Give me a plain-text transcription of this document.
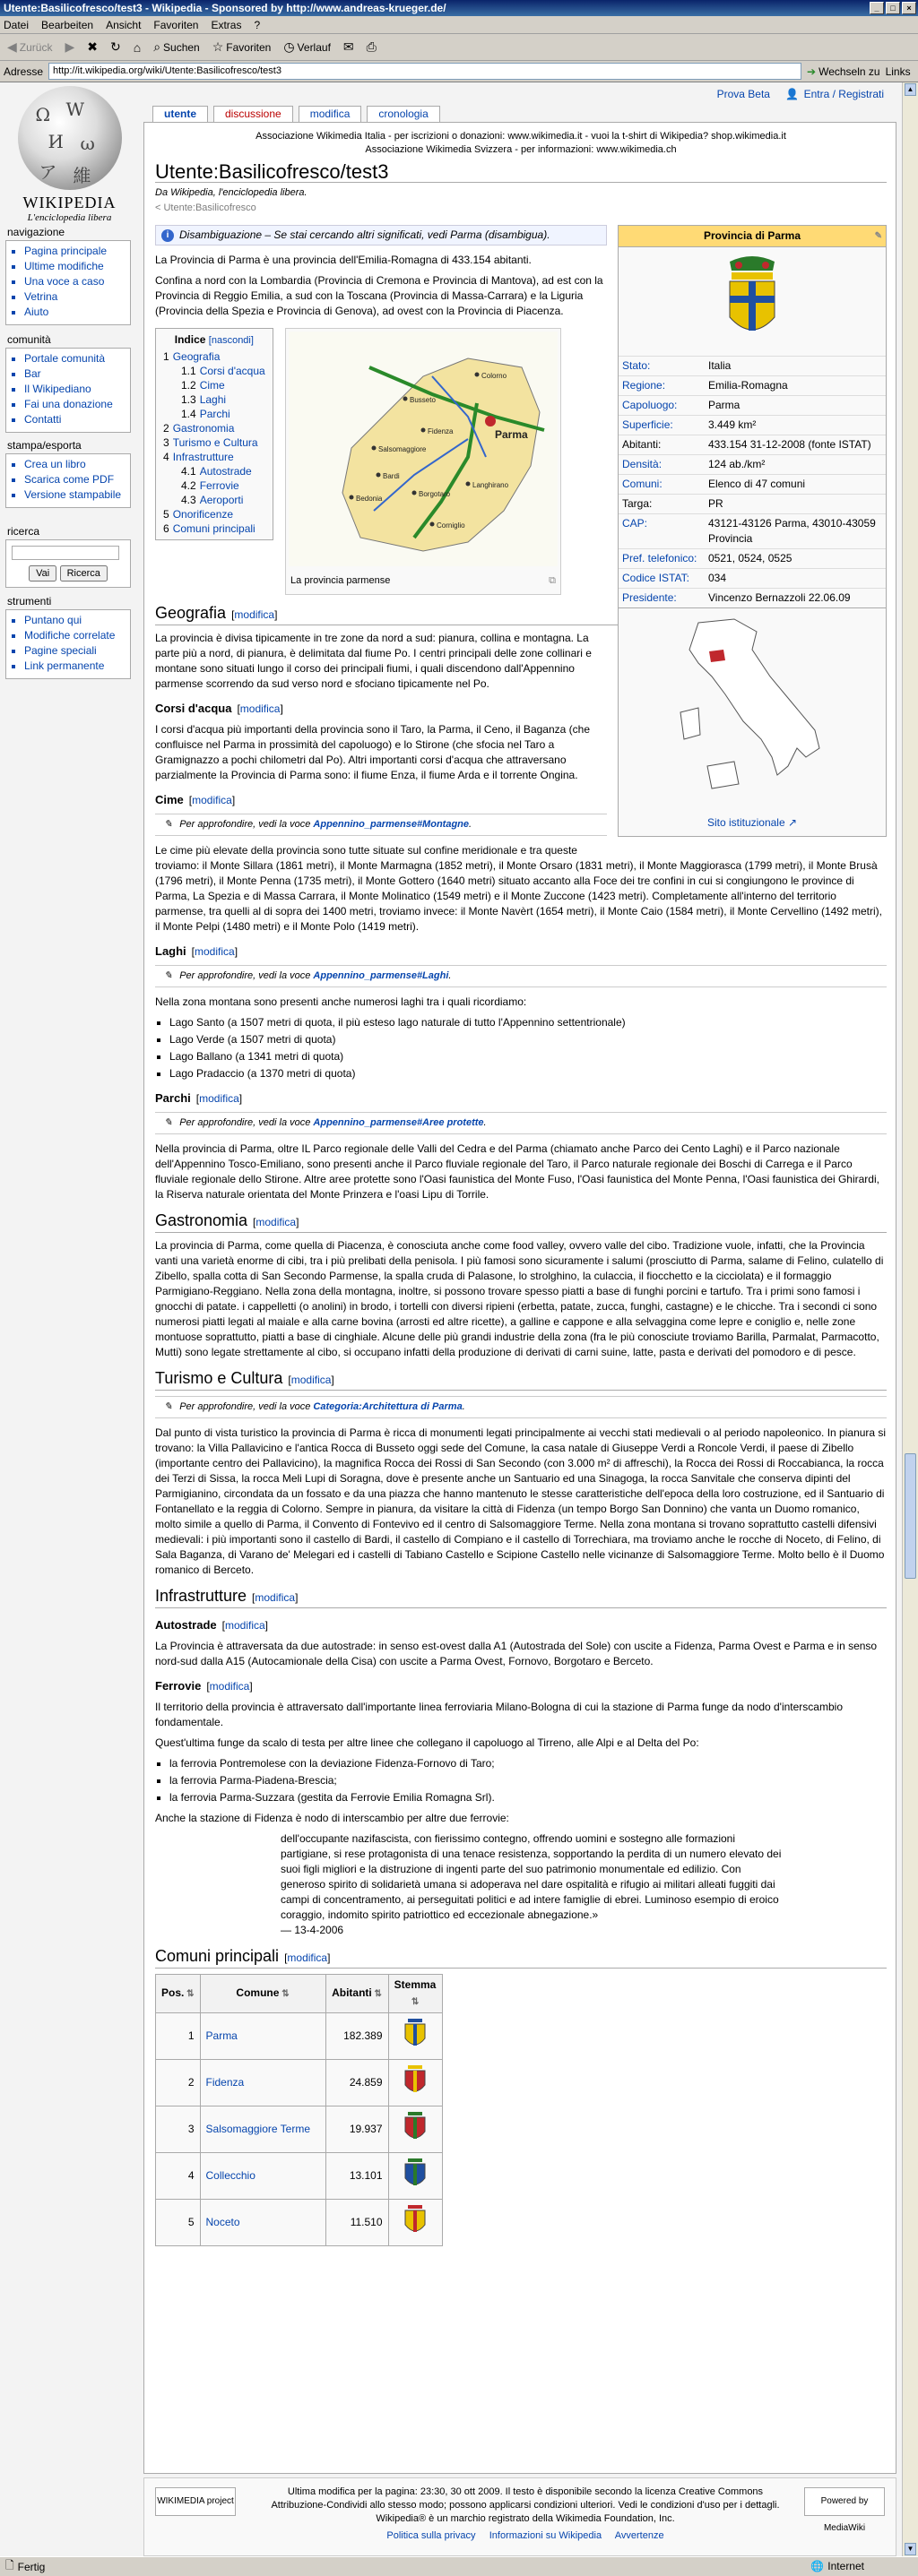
Utente:Basilicofresco/test3 - Wikipedia - Sponsored by http://www.andreas-krueger.de/	_	□	×
Datei Bearbeiten Ansicht Favoriten Extras ?
◀ Zurück ▶ ✖ ↻ ⌂ ⌕ Suchen ☆ Favoriten ◷ Verlauf ✉ ⎙
Adresse	http://it.wikipedia.org/wiki/Utente:Basilicofresco/test3	➔ Wechseln zu Links
Ω W
И ω
ア 維
WIKIPEDIA
L'enciclopedia libera
Prova Beta 👤 Entra / Registrati
utente	discussione	modifica	cronologia
navigazione
▪ Pagina principale
▪ Ultime modifiche
▪ Una voce a caso
▪ Vetrina
▪ Aiuto
comunità
▪ Portale comunità
▪ Bar
▪ Il Wikipediano
▪ Fai una donazione
▪ Contatti
stampa/esporta
▪ Crea un libro
▪ Scarica come PDF
▪ Versione stampabile
ricerca
Vai Ricerca
strumenti
▪ Puntano qui
▪ Modifiche correlate
▪ Pagine speciali
▪ Link permanente
Associazione Wikimedia Italia - per iscrizioni o donazioni: www.wikimedia.it - vuoi la t-shirt di Wikipedia? shop.wikimedia.it
Associazione Wikimedia Svizzera - per informazioni: www.wikimedia.ch
Utente:Basilicofresco/test3
Da Wikipedia, l'enciclopedia libera.
< Utente:Basilicofresco
Provincia di Parma	✎
Stato:	Italia
Regione:	Emilia-Romagna
Capoluogo:	Parma
Superficie:	3.449 km²
Abitanti:	433.154 31-12-2008 (fonte ISTAT)
Densità:	124 ab./km²
Comuni:	Elenco di 47 comuni
Targa:	PR
CAP:	43121-43126 Parma, 43010-43059 Provincia
Pref. telefonico:	0521, 0524, 0525
Codice ISTAT:	034
Presidente:	Vincenzo Bernazzoli 22.06.09
Sito istituzionale ↗
i Disambiguazione – Se stai cercando altri significati, vedi Parma (disambigua).

La Provincia di Parma è una provincia dell'Emilia-Romagna di 433.154 abitanti.

Confina a nord con la Lombardia (Provincia di Cremona e Provincia di Mantova), ad est con la Provincia di Reggio Emilia, a sud con la Toscana (Provincia di Massa-Carrara) e la Liguria (Provincia della Spezia e Provincia di Genova), ad ovest con la Provincia di Piacenza.

Indice [nascondi]
1 Geografia
1.1 Corsi d'acqua
1.2 Cime
1.3 Laghi
1.4 Parchi
2 Gastronomia
3 Turismo e Cultura
4 Infrastrutture
4.1 Autostrade
4.2 Ferrovie
4.3 Aeroporti
5 Onorificenze
6 Comuni principali

Parma
Colorno
Busseto
Fidenza
Salsomaggiore
Langhirano
Borgotaro
Bedonia
Corniglio
Bardi
La provincia parmense	⧉
Geografia [modifica]

La provincia è divisa tipicamente in tre zone da nord a sud: pianura, collina e montagna. La parte più a nord, di pianura, è delimitata dal fiume Po. I centri principali delle zone collinari e montane sono situati lungo il corso dei principali fiumi, i quali discendono dall'Appennino parmense scorrendo da sud verso nord e sfociano tipicamente nel Po.

Corsi d'acqua [modifica]

I corsi d'acqua più importanti della provincia sono il Taro, la Parma, il Ceno, il Baganza (che confluisce nel Parma in prossimità del capoluogo) e lo Stirone (che sfocia nel Taro a Gramignazzo a pochi chilometri dal Po). Altri importanti corsi d'acqua che attraversano parzialmente la Provincia di Parma sono: il fiume Enza, il fiume Arda e il torrente Ongina.

Cime [modifica]
✎ Per approfondire, vedi la voce Appennino_parmense#Montagne.

Le cime più elevate della provincia sono tutte situate sul confine meridionale e tra queste troviamo: il Monte Sillara (1861 metri), il Monte Marmagna (1852 metri), il Monte Orsaro (1831 metri), il Monte Maggiorasca (1799 metri), il Monte Brusà (1796 metri), il Monte Penna (1735 metri), il Monte Gottero (1640 metri) situato accanto alla Foce dei tre confini in cui si congiungono le province di Parma, La Spezia e di Massa Carrara, il Monte Molinatico (1549 metri) e il Monte Zuccone (1423 metri). Completamente all'interno del territorio parmense, tra quelli al di sopra dei 1400 metri, troviamo invece: il Monte Navèrt (1654 metri), il Monte Caio (1584 metri), il Monte Cervellino (1492 metri), il Monte Pelpi (1480 metri) e il Monte Polo (1419 metri).

Laghi [modifica]
✎ Per approfondire, vedi la voce Appennino_parmense#Laghi.

Nella zona montana sono presenti anche numerosi laghi tra i quali ricordiamo:

▪ Lago Santo (a 1507 metri di quota, il più esteso lago naturale di tutto l'Appennino settentrionale)
▪ Lago Verde (a 1507 metri di quota)
▪ Lago Ballano (a 1341 metri di quota)
▪ Lago Pradaccio (a 1370 metri di quota)
Parchi [modifica]
✎ Per approfondire, vedi la voce Appennino_parmense#Aree protette.

Nella provincia di Parma, oltre IL Parco regionale delle Valli del Cedra e del Parma (chiamato anche Parco dei Cento Laghi) e il Parco nazionale dell'Appennino Tosco-Emiliano, sono presenti anche il Parco fluviale regionale del Taro, il Parco naturale regionale dei Boschi di Carrega e il Parco fluviale regionale dello Stirone. Altre aree protette sono l'Oasi faunistica del Monte Fuso, l'Oasi faunistica del Monte Penna, l'Oasi faunistica dei Ghirardi, la Riserva naturale orientata del Monte Prinzera e l'oasi Lipu di Torrile.

Gastronomia [modifica]

La provincia di Parma, come quella di Piacenza, è conosciuta anche come food valley, ovvero valle del cibo. Tradizione vuole, infatti, che la Provincia vanti una varietà enorme di cibi, tra i più prelibati della penisola. I più famosi sono sicuramente i salumi (prosciutto di Parma, salame di Felino, culatello di Zibello, spalla cotta di San Secondo Parmense, la spalla cruda di Palasone, lo strolghino, la culaccia, il fiocchetto e la cicciolata) e il formaggio Parmigiano-Reggiano. Nella zona della montagna, inoltre, si possono trovare spesso piatti a base di funghi porcini e tartufo. Tra i primi sono famosi i gnocchi di patate. i cappelletti (o anolini) in brodo, i tortelli con diversi ripieni (erbetta, patate, zucca, funghi, castagne) e le chicche. Tra i secondi ci sono numerosi piatti legati al maiale e alla carne bovina (arrosti ed altre ricette), a galline e cappone e alla selvaggina come lepre e coniglio e, nelle zone montuose soprattutto, piatti a base di cinghiale. Alcune delle più grandi industrie della zona (fra le più conosciute troviamo Barilla, Parmalat, Parmacotto, Mutti) sono legate strettamente al cibo, si occupano infatti della produzione di derivati di carni suine, latte, pasta e derivati del pomodoro e di pesce.

Turismo e Cultura [modifica]
✎ Per approfondire, vedi la voce Categoria:Architettura di Parma.

Dal punto di vista turistico la provincia di Parma è ricca di monumenti legati principalmente ai vecchi stati medievali o al periodo napoleonico. In pianura si trovano: la Villa Pallavicino e l'antica Rocca di Busseto oggi sede del Comune, la casa natale di Giuseppe Verdi a Roncole Verdi, il paese di Zibello (importante centro dei Pallavicino), la magnifica Rocca dei Rossi di San Secondo (con 3.000 m² di affreschi), la Rocca dei Rossi di Roccabianca, la rocca dei Terzi di Sissa, la rocca Meli Lupi di Soragna, dove è presente anche un Santuario ed una Sinagoga, la rocca Sanvitale che conserva dipinti del Parmigianino, circondata da un fossato e da una piazza che hanno mantenuto le stesse caratteristiche dell'epoca della loro costruzione, ed il Santuario di Fontanellato e la reggia di Colorno. Sempre in pianura, da visitare la città di Fidenza (un tempo Borgo San Donnino) che vanta un Duomo romanico, molto simile a quello di Parma, il Convento di Fontevivo ed il centro di Salsomaggiore Terme. Nella zona montana si trovano soprattutto castelli difensivi medievali: i più importanti sono il castello di Bardi, il castello di Compiano e il castello di Torrechiara, ma troviamo anche le rocche di Noceto, di Felino, di Sala Baganza, di Varano de' Melegari ed i castelli di Tabiano Castello e Scipione Castello nelle vicinanze di Salsomaggiore Terme. Molto bello è il Duomo romanico di Berceto.

Infrastrutture [modifica]
Autostrade [modifica]

La Provincia è attraversata da due autostrade: in senso est-ovest dalla A1 (Autostrada del Sole) con uscite a Fidenza, Parma Ovest e Parma e in senso nord-sud dalla A15 (Autocamionale della Cisa) con uscite a Parma Ovest, Fornovo, Borgotaro e Berceto.

Ferrovie [modifica]

Il territorio della provincia è attraversato dall'importante linea ferroviaria Milano-Bologna di cui la stazione di Parma funge da nodo d'interscambio fondamentale.

Quest'ultima funge da scalo di testa per altre linee che collegano il capoluogo al Tirreno, alle Alpi e al Delta del Po:

▪ la ferrovia Pontremolese con la deviazione Fidenza-Fornovo di Taro;
▪ la ferrovia Parma-Piadena-Brescia;
▪ la ferrovia Parma-Suzzara (gestita da Ferrovie Emilia Romagna Srl).

Anche la stazione di Fidenza è nodo di interscambio per altre due ferrovie:

dell'occupante nazifascista, con fierissimo contegno, offrendo uomini e sostegno alle formazioni partigiane, si rese protagonista di una tenace resistenza, sopportando la perdita di un numero elevato dei suoi figli migliori e la distruzione di ingenti parte del suo patrimonio monumentale ed edilizio. Con generoso spirito di solidarietà umana si adoperava nel dare ospitalità e rifugio ai militari alleati fuggiti dai campi di concentramento, ai perseguitati politici e ad intere famiglie di ebrei. Luminoso esempio di eroico coraggio, indomito spirito patriottico ed eccezionale abnegazione.»
— 13-4-2006
Comuni principali [modifica]
Pos. ⇅	Comune ⇅	Abitanti ⇅	Stemma ⇅
1	Parma	182.389	
2	Fidenza	24.859	
3	Salsomaggiore Terme	19.937	
4	Collecchio	13.101	
5	Noceto	11.510	
WIKIMEDIA project
Ultima modifica per la pagina: 23:30, 30 ott 2009. Il testo è disponibile secondo la licenza Creative Commons Attribuzione-Condividi allo stesso modo; possono applicarsi condizioni ulteriori. Vedi le condizioni d'uso per i dettagli. Wikipedia® è un marchio registrato della Wikimedia Foundation, Inc.
Politica sulla privacy Informazioni su Wikipedia Avvertenze
Powered by MediaWiki
▲
▼
🗋 Fertig	🌐 Internet
